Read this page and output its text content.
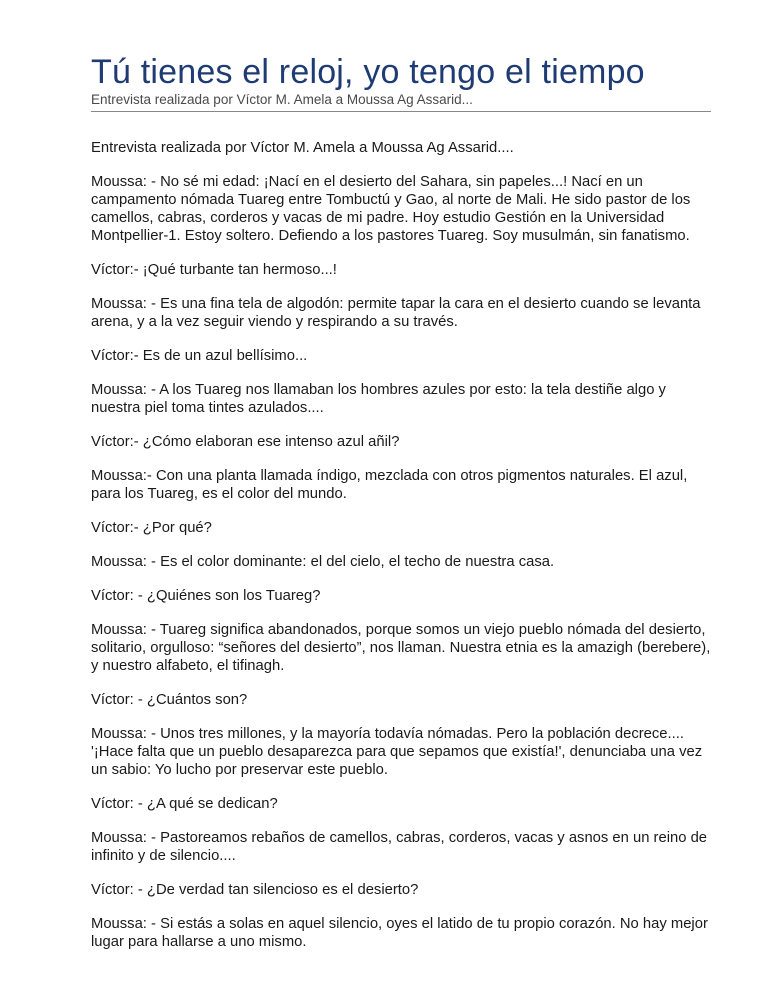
Tú tienes el reloj, yo tengo el tiempo
Entrevista realizada por Víctor M. Amela a Moussa Ag Assarid...

Entrevista realizada por Víctor M. Amela a Moussa Ag Assarid....

Moussa: - No sé mi edad: ¡Nací en el desierto del Sahara, sin papeles...! Nací en un campamento nómada Tuareg entre Tombuctú y Gao, al norte de Mali. He sido pastor de los camellos, cabras, corderos y vacas de mi padre. Hoy estudio Gestión en la Universidad Montpellier-1. Estoy soltero. Defiendo a los pastores Tuareg. Soy musulmán, sin fanatismo.

Víctor:- ¡Qué turbante tan hermoso...!

Moussa: - Es una fina tela de algodón: permite tapar la cara en el desierto cuando se levanta arena, y a la vez seguir viendo y respirando a su través.

Víctor:- Es de un azul bellísimo...

Moussa: - A los Tuareg nos llamaban los hombres azules por esto: la tela destiñe algo y nuestra piel toma tintes azulados....

Víctor:- ¿Cómo elaboran ese intenso azul añil?

Moussa:- Con una planta llamada índigo, mezclada con otros pigmentos naturales. El azul, para los Tuareg, es el color del mundo.

Víctor:- ¿Por qué?

Moussa: - Es el color dominante: el del cielo, el techo de nuestra casa.

Víctor: - ¿Quiénes son los Tuareg?

Moussa: - Tuareg significa abandonados, porque somos un viejo pueblo nómada del desierto, solitario, orgulloso: “señores del desierto”, nos llaman. Nuestra etnia es la amazigh (berebere), y nuestro alfabeto, el tifinagh.

Víctor: - ¿Cuántos son?

Moussa: - Unos tres millones, y la mayoría todavía nómadas. Pero la población decrece.... '¡Hace falta que un pueblo desaparezca para que sepamos que existía!', denunciaba una vez un sabio: Yo lucho por preservar este pueblo.

Víctor: - ¿A qué se dedican?

Moussa: - Pastoreamos rebaños de camellos, cabras, corderos, vacas y asnos en un reino de infinito y de silencio....

Víctor: - ¿De verdad tan silencioso es el desierto?

Moussa: - Si estás a solas en aquel silencio, oyes el latido de tu propio corazón. No hay mejor lugar para hallarse a uno mismo.
